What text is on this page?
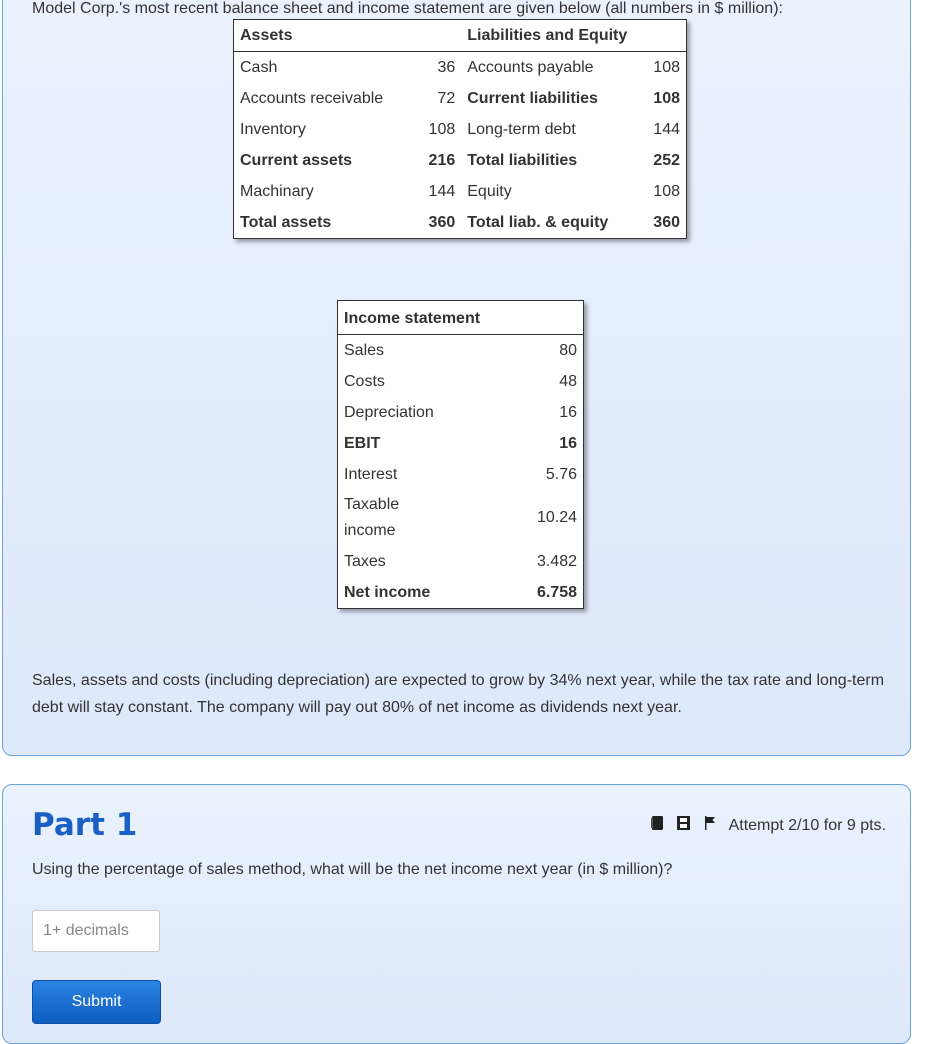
Model Corp.'s most recent balance sheet and income statement are given below (all numbers in $ million):
Assets		Liabilities and Equity	
Cash	36	Accounts payable	108
Accounts receivable	72	Current liabilities	108
Inventory	108	Long-term debt	144
Current assets	216	Total liabilities	252
Machinary	144	Equity	108
Total assets	360	Total liab. & equity	360
Income statement	
Sales	80
Costs	48
Depreciation	16
EBIT	16
Interest	5.76
Taxable income	10.24
Taxes	3.482
Net income	6.758
Sales, assets and costs (including depreciation) are expected to grow by 34% next year, while the tax rate and long-term debt will stay constant. The company will pay out 80% of net income as dividends next year.
Part 1	Attempt 2/10 for 9 pts.
Using the percentage of sales method, what will be the net income next year (in $ million)?
1+ decimals
Submit
